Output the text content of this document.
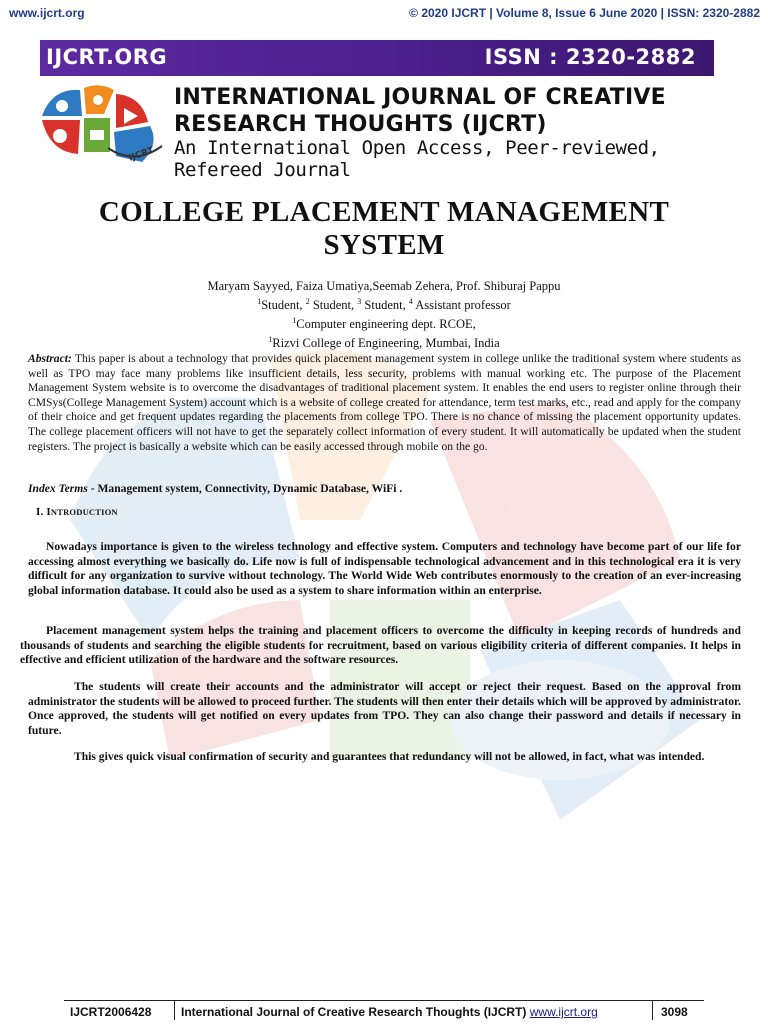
www.ijcrt.org	© 2020 IJCRT | Volume 8, Issue 6 June 2020 | ISSN: 2320-2882
IJCRT.ORG	ISSN : 2320-2882
IJCRT
INTERNATIONAL JOURNAL OF CREATIVE
RESEARCH THOUGHTS (IJCRT)
An International Open Access, Peer-reviewed, Refereed Journal
COLLEGE PLACEMENT MANAGEMENT
SYSTEM
Maryam Sayyed, Faiza Umatiya,Seemab Zehera, Prof. Shiburaj Pappu
$^1$Student, $^2$ Student, $^3$ Student, $^4$ Assistant professor
$^1$Computer engineering dept. RCOE,
$^1$Rizvi College of Engineering, Mumbai, India
Abstract: This paper is about a technology that provides quick placement management system in college unlike the traditional system where students as well as TPO may face many problems like insufficient details, less security, problems with manual working etc. The purpose of the Placement Management System website is to overcome the disadvantages of traditional placement system. It enables the end users to register online through their CMSys(College Management System) account which is a website of college created for attendance, term test marks, etc., read and apply for the company of their choice and get frequent updates regarding the placements from college TPO. There is no chance of missing the placement opportunity updates. The college placement officers will not have to get the separately collect information of every student. It will automatically be updated when the student registers. The project is basically a website which can be easily accessed through mobile on the go.
Index Terms - Management system, Connectivity, Dynamic Database, WiFi .
I. INTRODUCTION
Nowadays importance is given to the wireless technology and effective system. Computers and technology have become part of our life for accessing almost everything we basically do. Life now is full of indispensable technological advancement and in this technological era it is very difficult for any organization to survive without technology. The World Wide Web contributes enormously to the creation of an ever-increasing global information database. It could also be used as a system to share information within an enterprise.
Placement management system helps the training and placement officers to overcome the difficulty in keeping records of hundreds and thousands of students and searching the eligible students for recruitment, based on various eligibility criteria of different companies. It helps in effective and efficient utilization of the hardware and the software resources.
The students will create their accounts and the administrator will accept or reject their request. Based on the approval from administrator the students will be allowed to proceed further. The students will then enter their details which will be approved by administrator. Once approved, the students will get notified on every updates from TPO. They can also change their password and details if necessary in future.
This gives quick visual confirmation of security and guarantees that redundancy will not be allowed, in fact, what was intended.
IJCRT2006428 International Journal of Creative Research Thoughts (IJCRT) www.ijcrt.org	3098
